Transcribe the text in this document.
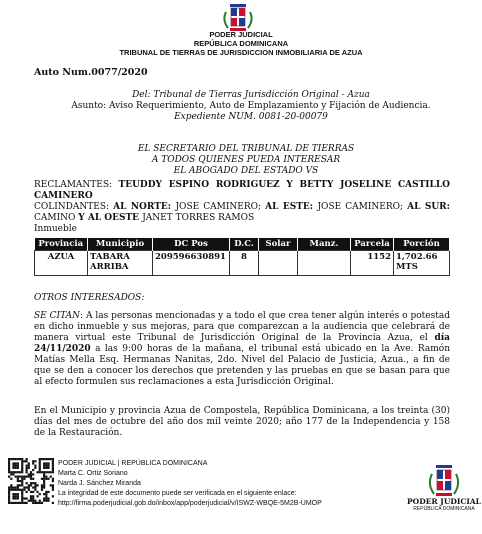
PODER JUDICIAL
REPÚBLICA DOMINICANA
TRIBUNAL DE TIERRAS DE JURISDICCION INMOBILIARIA DE AZUA
Auto Num.0077/2020
Del: Tribunal de Tierras Jurisdicción Original - Azua
Asunto: Aviso Requerimiento, Auto de Emplazamiento y Fijación de Audiencia.
Expediente NUM. 0081-20-00079
EL SECRETARIO DEL TRIBUNAL DE TIERRAS
A TODOS QUIENES PUEDA INTERESAR
EL ABOGADO DEL ESTADO VS
RECLAMANTES: TEUDDY ESPINO RODRIGUEZ Y BETTY JOSELINE CASTILLO CAMINERO
COLINDANTES: AL NORTE: JOSE CAMINERO; AL ESTE: JOSE CAMINERO; AL SUR: CAMINO Y AL OESTE JANET TORRES RAMOS
Inmueble
Provincia	Municipio	DC Pos	D.C.	Solar	Manz.	Parcela	Porción
AZUA	TABARA ARRIBA	209596630891	8			1152	1,702.66 MTS
OTROS INTERESADOS:
SE CITAN: A las personas mencionadas y a todo el que crea tener algún interés o potestad en dicho inmueble y sus mejoras, para que comparezcan a la audiencia que celebrará de manera virtual este Tribunal de Jurisdicción Original de la Provincia Azua, el día 24/11/2020 a las 9:00 horas de la mañana, el tribunal está ubicado en la Ave. Ramón Matías Mella Esq. Hermanas Nanitas, 2do. Nivel del Palacio de Justicia, Azua., a fin de que se den a conocer los derechos que pretenden y las pruebas en que se basan para que al efecto formulen sus reclamaciones a esta Jurisdicción Original.
En el Municipio y provincia Azua de Compostela, República Dominicana, a los treinta (30) días del mes de octubre del año dos mil veinte 2020; año 177 de la Independencia y 158 de la Restauración.
PODER JUDICIAL | REPÚBLICA DOMINICANA
Marta C. Ortiz Soriano
Narda J. Sánchez Miranda
La integridad de este documento puede ser verificada en el siguiente enlace:
http://firma.poderjudicial.gob.do/inbox/app/poderjudicial/v/ISWZ-WBQE-5M2B-UMOP	PODER JUDICIAL
REPÚBLICA DOMINICANA
